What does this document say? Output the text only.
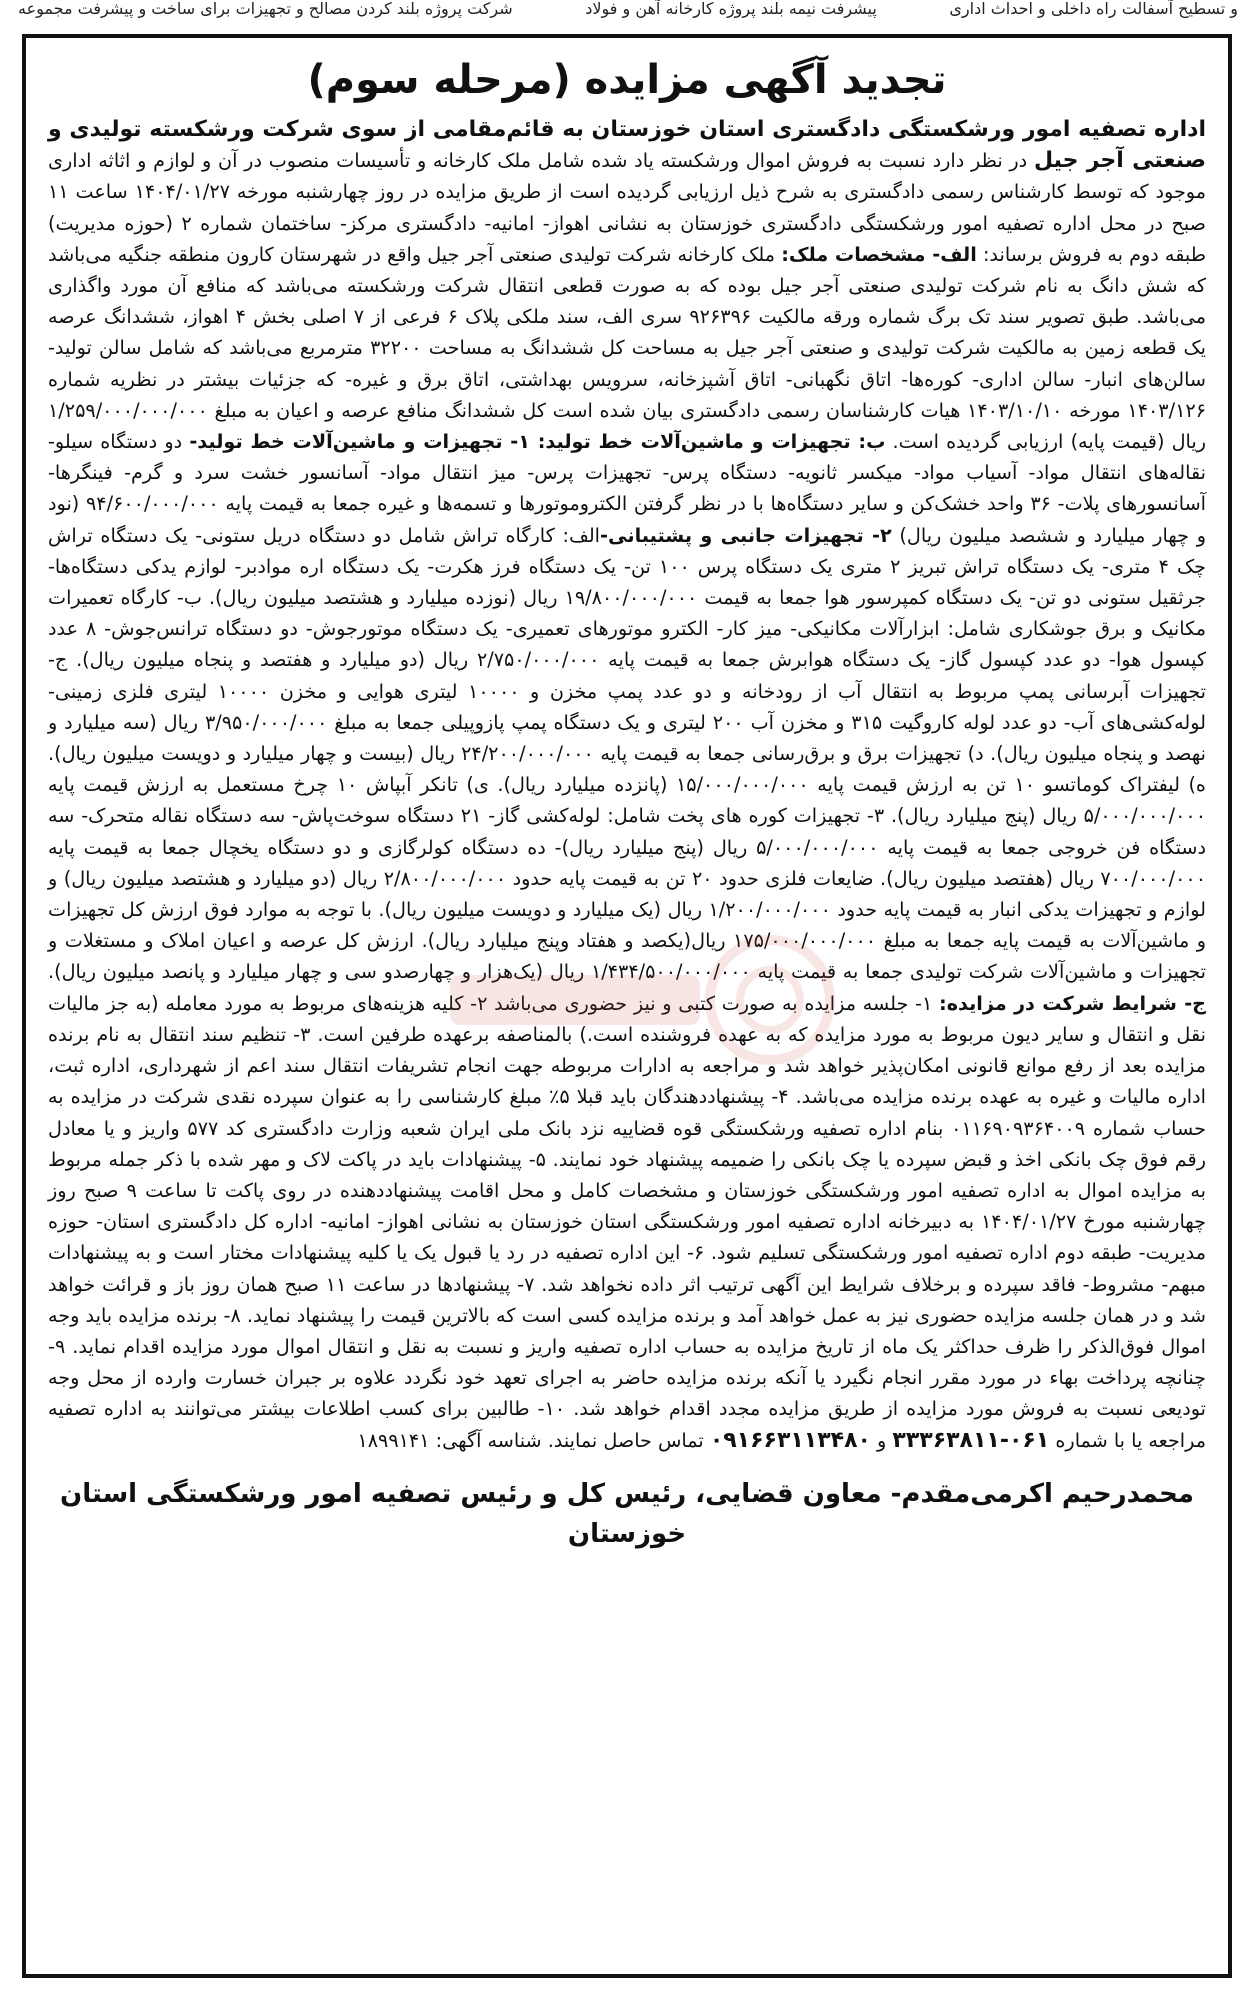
و تسطیح آسفالت راه داخلی و احداث اداری
پیشرفت نیمه بلند پروژه کارخانه آهن و فولاد
شرکت پروژه بلند کردن مصالح و تجهیزات برای ساخت و پیشرفت مجموعه
تجدید آگهی مزایده (مرحله سوم)

اداره تصفیه امور ورشکستگی دادگستری استان خوزستان به قائم‌مقامی از سوی شرکت ورشکسته تولیدی و صنعتی آجر جیل در نظر دارد نسبت به فروش اموال ورشکسته یاد شده شامل ملک کارخانه و تأسیسات منصوب در آن و لوازم و اثاثه اداری موجود که توسط کارشناس رسمی دادگستری به شرح ذیل ارزیابی گردیده است از طریق مزایده در روز چهارشنبه مورخه ۱۴۰۴/۰۱/۲۷ ساعت ۱۱ صبح در محل اداره تصفیه امور ورشکستگی دادگستری خوزستان به نشانی اهواز- امانیه- دادگستری مرکز- ساختمان شماره ۲ (حوزه مدیریت) طبقه دوم به فروش برساند: الف- مشخصات ملک: ملک کارخانه شرکت تولیدی صنعتی آجر جیل واقع در شهرستان کارون منطقه جنگیه می‌باشد که شش دانگ به نام شرکت تولیدی صنعتی آجر جیل بوده که به صورت قطعی انتقال شرکت ورشکسته می‌باشد که منافع آن مورد واگذاری می‌باشد. طبق تصویر سند تک برگ شماره ورقه مالکیت ۹۲۶۳۹۶ سری الف، سند ملکی پلاک ۶ فرعی از ۷ اصلی بخش ۴ اهواز، ششدانگ عرصه یک قطعه زمین به مالکیت شرکت تولیدی و صنعتی آجر جیل به مساحت کل ششدانگ به مساحت ۳۲۲۰۰ مترمربع می‌باشد که شامل سالن تولید- سالن‌های انبار- سالن اداری- کوره‌ها- اتاق نگهبانی- اتاق آشپزخانه، سرویس بهداشتی، اتاق برق و غیره- که جزئیات بیشتر در نظریه شماره ۱۴۰۳/۱۲۶ مورخه ۱۴۰۳/۱۰/۱۰ هیات کارشناسان رسمی دادگستری بیان شده است کل ششدانگ منافع عرصه و اعیان به مبلغ ۱/۲۵۹/۰۰۰/۰۰۰/۰۰۰ ریال (قیمت پایه) ارزیابی گردیده است. ب: تجهیزات و ماشین‌آلات خط تولید: ۱- تجهیزات و ماشین‌آلات خط تولید- دو دستگاه سیلو- نقاله‌های انتقال مواد- آسیاب مواد- میکسر ثانویه- دستگاه پرس- تجهیزات پرس- میز انتقال مواد- آسانسور خشت سرد و گرم- فینگرها- آسانسورهای پلات- ۳۶ واحد خشک‌کن و سایر دستگاه‌ها با در نظر گرفتن الکتروموتورها و تسمه‌ها و غیره جمعا به قیمت پایه ۹۴/۶۰۰/۰۰۰/۰۰۰ (نود و چهار میلیارد و ششصد میلیون ریال) ۲- تجهیزات جانبی و پشتیبانی-الف: کارگاه تراش شامل دو دستگاه دریل ستونی- یک دستگاه تراش چک ۴ متری- یک دستگاه تراش تبریز ۲ متری یک دستگاه پرس ۱۰۰ تن- یک دستگاه فرز هکرت- یک دستگاه اره موادبر- لوازم یدکی دستگاه‌ها- جرثقیل ستونی دو تن- یک دستگاه کمپرسور هوا جمعا به قیمت ۱۹/۸۰۰/۰۰۰/۰۰۰ ریال (نوزده میلیارد و هشتصد میلیون ریال). ب- کارگاه تعمیرات مکانیک و برق جوشکاری شامل: ابزارآلات مکانیکی- میز کار- الکترو موتورهای تعمیری- یک دستگاه موتورجوش- دو دستگاه ترانس‌جوش- ۸ عدد کپسول هوا- دو عدد کپسول گاز- یک دستگاه هوابرش جمعا به قیمت پایه ۲/۷۵۰/۰۰۰/۰۰۰ ریال (دو میلیارد و هفتصد و پنجاه میلیون ریال). ج- تجهیزات آبرسانی پمپ مربوط به انتقال آب از رودخانه و دو عدد پمپ مخزن و ۱۰۰۰۰ لیتری هوایی و مخزن ۱۰۰۰۰ لیتری فلزی زمینی- لوله‌کشی‌های آب- دو عدد لوله کاروگیت ۳۱۵ و مخزن آب ۲۰۰ لیتری و یک دستگاه پمپ پازوپیلی جمعا به مبلغ ۳/۹۵۰/۰۰۰/۰۰۰ ریال (سه میلیارد و نهصد و پنجاه میلیون ریال). د) تجهیزات برق و برق‌رسانی جمعا به قیمت پایه ۲۴/۲۰۰/۰۰۰/۰۰۰ ریال (بیست و چهار میلیارد و دویست میلیون ریال). ه) لیفتراک کوماتسو ۱۰ تن به ارزش قیمت پایه ۱۵/۰۰۰/۰۰۰/۰۰۰ (پانزده میلیارد ریال). ی) تانکر آبپاش ۱۰ چرخ مستعمل به ارزش قیمت پایه ۵/۰۰۰/۰۰۰/۰۰۰ ریال (پنج میلیارد ریال). ۳- تجهیزات کوره های پخت شامل: لوله‌کشی گاز- ۲۱ دستگاه سوخت‌پاش- سه دستگاه نقاله متحرک- سه دستگاه فن خروجی جمعا به قیمت پایه ۵/۰۰۰/۰۰۰/۰۰۰ ریال (پنج میلیارد ریال)- ده دستگاه کولرگازی و دو دستگاه یخچال جمعا به قیمت پایه ۷۰۰/۰۰۰/۰۰۰ ریال (هفتصد میلیون ریال). ضایعات فلزی حدود ۲۰ تن به قیمت پایه حدود ۲/۸۰۰/۰۰۰/۰۰۰ ریال (دو میلیارد و هشتصد میلیون ریال) و لوازم و تجهیزات یدکی انبار به قیمت پایه حدود ۱/۲۰۰/۰۰۰/۰۰۰ ریال (یک میلیارد و دویست میلیون ریال). با توجه به موارد فوق ارزش کل تجهیزات و ماشین‌آلات به قیمت پایه جمعا به مبلغ ۱۷۵/۰۰۰/۰۰۰/۰۰۰ ریال(یکصد و هفتاد وپنج میلیارد ریال). ارزش کل عرصه و اعیان املاک و مستغلات و تجهیزات و ماشین‌آلات شرکت تولیدی جمعا به قیمت پایه ۱/۴۳۴/۵۰۰/۰۰۰/۰۰۰ ریال (یک‌هزار و چهارصدو سی و چهار میلیارد و پانصد میلیون ریال). ج- شرایط شرکت در مزایده: ۱- جلسه مزایده به صورت کتبی و نیز حضوری می‌باشد ۲- کلیه هزینه‌های مربوط به مورد معامله (به جز مالیات نقل و انتقال و سایر دیون مربوط به مورد مزایده که به عهده فروشنده است.) بالمناصفه برعهده طرفین است. ۳- تنظیم سند انتقال به نام برنده مزایده بعد از رفع موانع قانونی امکان‌پذیر خواهد شد و مراجعه به ادارات مربوطه جهت انجام تشریفات انتقال سند اعم از شهرداری، اداره ثبت، اداره مالیات و غیره به عهده برنده مزایده می‌باشد. ۴- پیشنهاددهندگان باید قبلا ۵٪ مبلغ کارشناسی را به عنوان سپرده نقدی شرکت در مزایده به حساب شماره ۰۱۱۶۹۰۹۳۶۴۰۰۹ بنام اداره تصفیه ورشکستگی قوه قضاییه نزد بانک ملی ایران شعبه وزارت دادگستری کد ۵۷۷ واریز و یا معادل رقم فوق چک بانکی اخذ و قبض سپرده یا چک بانکی را ضمیمه پیشنهاد خود نمایند. ۵- پیشنهادات باید در پاکت لاک و مهر شده با ذکر جمله مربوط به مزایده اموال به اداره تصفیه امور ورشکستگی خوزستان و مشخصات کامل و محل اقامت پیشنهاددهنده در روی پاکت تا ساعت ۹ صبح روز چهارشنبه مورخ ۱۴۰۴/۰۱/۲۷ به دبیرخانه اداره تصفیه امور ورشکستگی استان خوزستان به نشانی اهواز- امانیه- اداره کل دادگستری استان- حوزه مدیریت- طبقه دوم اداره تصفیه امور ورشکستگی تسلیم شود. ۶- این اداره تصفیه در رد یا قبول یک یا کلیه پیشنهادات مختار است و به پیشنهادات مبهم- مشروط- فاقد سپرده و برخلاف شرایط این آگهی ترتیب اثر داده نخواهد شد. ۷- پیشنهادها در ساعت ۱۱ صبح همان روز باز و قرائت خواهد شد و در همان جلسه مزایده حضوری نیز به عمل خواهد آمد و برنده مزایده کسی است که بالاترین قیمت را پیشنهاد نماید. ۸- برنده مزایده باید وجه اموال فوق‌الذکر را ظرف حداکثر یک ماه از تاریخ مزایده به حساب اداره تصفیه واریز و نسبت به نقل و انتقال اموال مورد مزایده اقدام نماید. ۹- چنانچه پرداخت بهاء در مورد مقرر انجام نگیرد یا آنکه برنده مزایده حاضر به اجرای تعهد خود نگردد علاوه بر جبران خسارت وارده از محل وجه تودیعی نسبت به فروش مورد مزایده از طریق مزایده مجدد اقدام خواهد شد. ۱۰- طالبین برای کسب اطلاعات بیشتر می‌توانند به اداره تصفیه مراجعه یا با شماره ۰۶۱-۳۳۳۶۳۸۱۱ و ۰۹۱۶۶۳۱۱۳۴۸۰ تماس حاصل نمایند. شناسه آگهی: ۱۸۹۹۱۴۱

محمدرحیم اکرمی‌مقدم- معاون قضایی، رئیس کل و رئیس تصفیه امور ورشکستگی استان خوزستان
